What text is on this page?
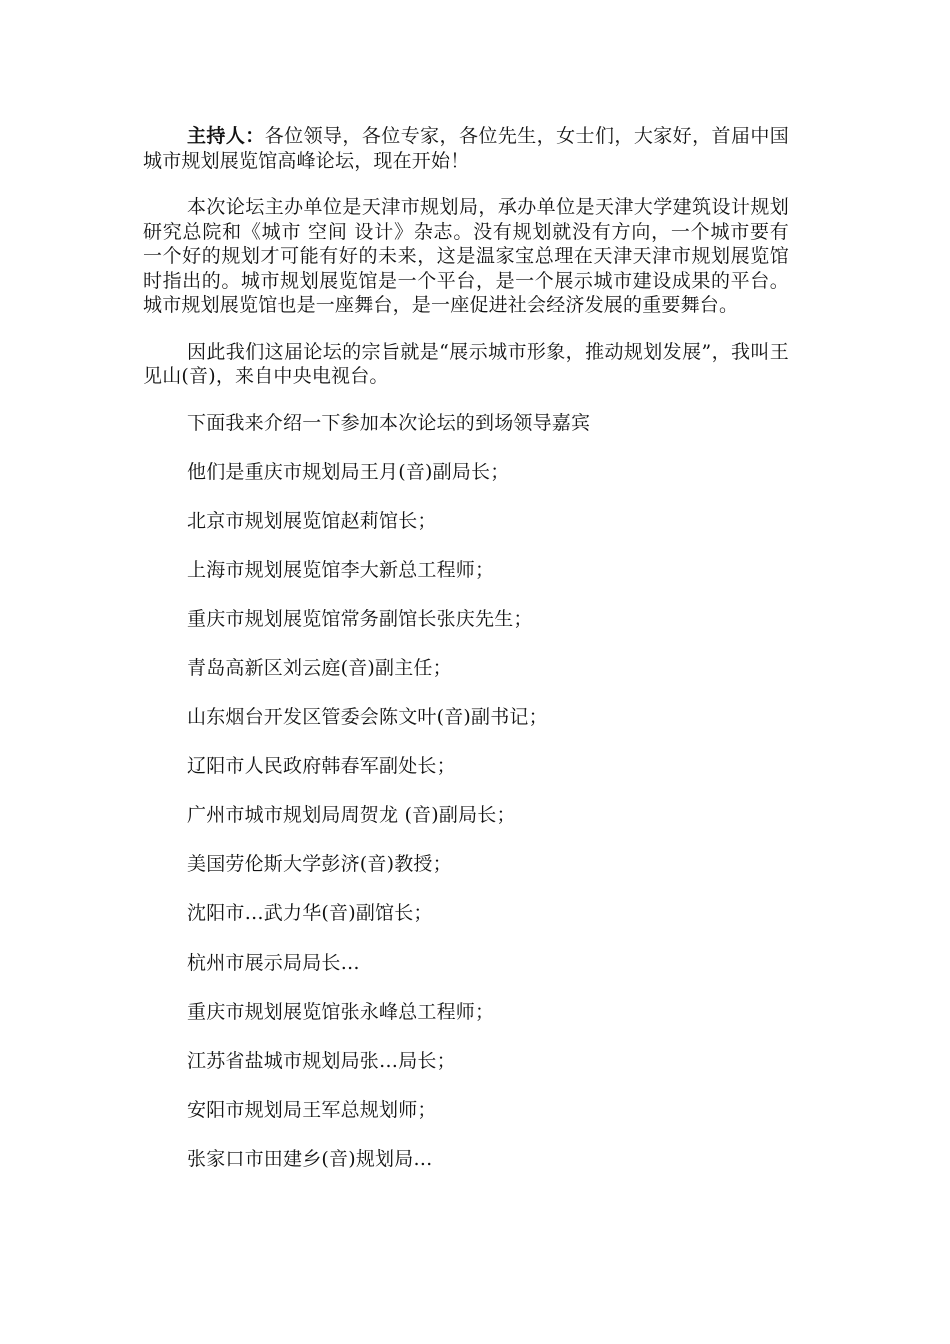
主持人：各位领导，各位专家，各位先生，女士们，大家好，首届中国城市规划展览馆高峰论坛，现在开始！

本次论坛主办单位是天津市规划局，承办单位是天津大学建筑设计规划研究总院和《城市 空间 设计》杂志。没有规划就没有方向，一个城市要有一个好的规划才可能有好的未来，这是温家宝总理在天津天津市规划展览馆时指出的。城市规划展览馆是一个平台，是一个展示城市建设成果的平台。城市规划展览馆也是一座舞台，是一座促进社会经济发展的重要舞台。

因此我们这届论坛的宗旨就是“展示城市形象，推动规划发展”，我叫王见山(音)，来自中央电视台。

下面我来介绍一下参加本次论坛的到场领导嘉宾

他们是重庆市规划局王月(音)副局长；

北京市规划展览馆赵莉馆长；

上海市规划展览馆李大新总工程师；

重庆市规划展览馆常务副馆长张庆先生；

青岛高新区刘云庭(音)副主任；

山东烟台开发区管委会陈文叶(音)副书记；

辽阳市人民政府韩春军副处长；

广州市城市规划局周贺龙 (音)副局长；

美国劳伦斯大学彭济(音)教授；

沈阳市…武力华(音)副馆长；

杭州市展示局局长…

重庆市规划展览馆张永峰总工程师；

江苏省盐城市规划局张…局长；

安阳市规划局王军总规划师；

张家口市田建乡(音)规划局…
